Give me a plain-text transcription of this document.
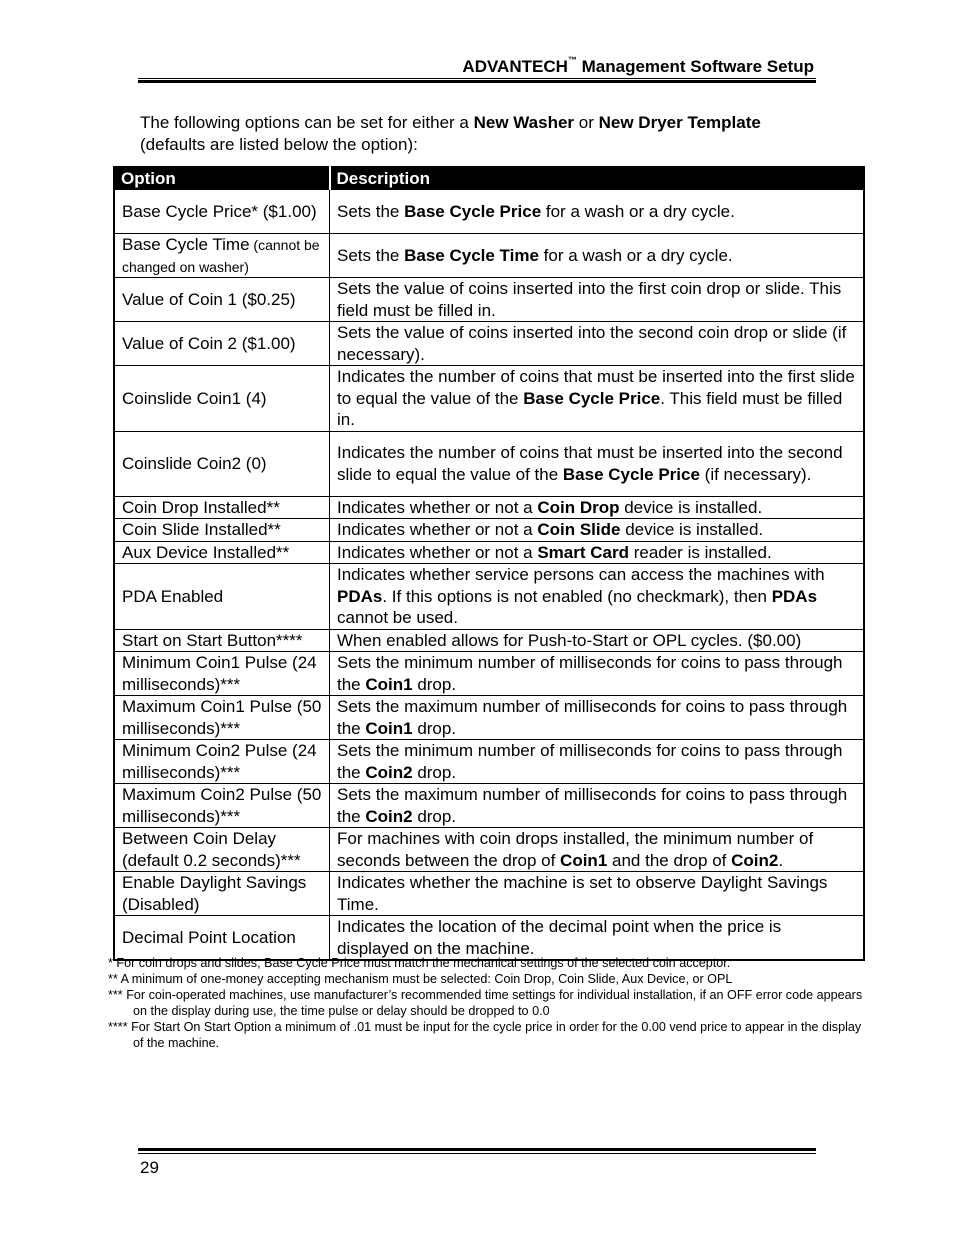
ADVANTECH™ Management Software Setup
The following options can be set for either a New Washer or New Dryer Template (defaults are listed below the option):
Option	Description
Base Cycle Price* ($1.00)	Sets the Base Cycle Price for a wash or a dry cycle.
Base Cycle Time (cannot be changed on washer)	Sets the Base Cycle Time for a wash or a dry cycle.
Value of Coin 1 ($0.25)	Sets the value of coins inserted into the first coin drop or slide. This field must be filled in.
Value of Coin 2 ($1.00)	Sets the value of coins inserted into the second coin drop or slide (if necessary).
Coinslide Coin1 (4)	Indicates the number of coins that must be inserted into the first slide to equal the value of the Base Cycle Price. This field must be filled in.
Coinslide Coin2 (0)	Indicates the number of coins that must be inserted into the second slide to equal the value of the Base Cycle Price (if necessary).
Coin Drop Installed**	Indicates whether or not a Coin Drop device is installed.
Coin Slide Installed**	Indicates whether or not a Coin Slide device is installed.
Aux Device Installed**	Indicates whether or not a Smart Card reader is installed.
PDA Enabled	Indicates whether service persons can access the machines with PDAs. If this options is not enabled (no checkmark), then PDAs cannot be used.
Start on Start Button****	When enabled allows for Push-to-Start or OPL cycles. ($0.00)
Minimum Coin1 Pulse (24 milliseconds)***	Sets the minimum number of milliseconds for coins to pass through the Coin1 drop.
Maximum Coin1 Pulse (50 milliseconds)***	Sets the maximum number of milliseconds for coins to pass through the Coin1 drop.
Minimum Coin2 Pulse (24 milliseconds)***	Sets the minimum number of milliseconds for coins to pass through the Coin2 drop.
Maximum Coin2 Pulse (50 milliseconds)***	Sets the maximum number of milliseconds for coins to pass through the Coin2 drop.
Between Coin Delay (default 0.2 seconds)***	For machines with coin drops installed, the minimum number of seconds between the drop of Coin1 and the drop of Coin2.
Enable Daylight Savings (Disabled)	Indicates whether the machine is set to observe Daylight Savings Time.
Decimal Point Location	Indicates the location of the decimal point when the price is displayed on the machine.
* For coin drops and slides, Base Cycle Price must match the mechanical settings of the selected coin acceptor.
** A minimum of one-money accepting mechanism must be selected: Coin Drop, Coin Slide, Aux Device, or OPL
*** For coin-operated machines, use manufacturer’s recommended time settings for individual installation, if an OFF error code appears on the display during use, the time pulse or delay should be dropped to 0.0
**** For Start On Start Option a minimum of .01 must be input for the cycle price in order for the 0.00 vend price to appear in the display of the machine.
29
